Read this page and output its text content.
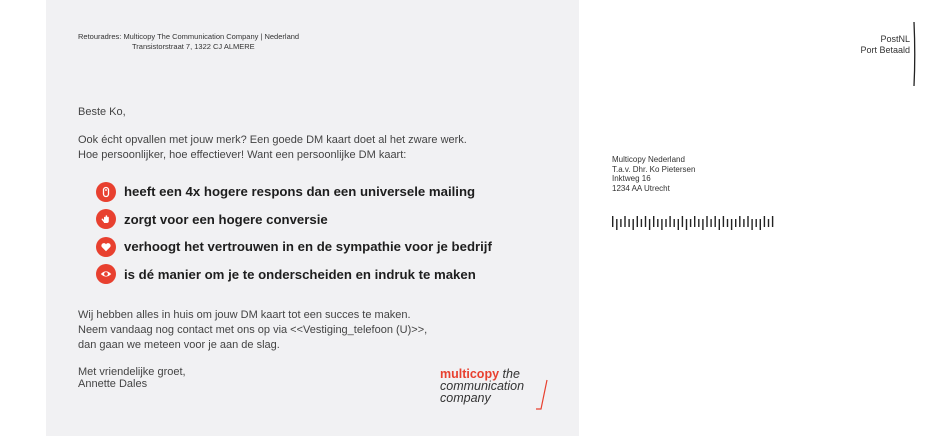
Retouradres: Multicopy The Communication Company | Nederland
Transistorstraat 7, 1322 CJ ALMERE
Beste Ko,
Ook écht opvallen met jouw merk? Een goede DM kaart doet al het zware werk.
Hoe persoonlijker, hoe effectiever! Want een persoonlijke DM kaart:
heeft een 4x hogere respons dan een universele mailing
zorgt voor een hogere conversie
verhoogt het vertrouwen in en de sympathie voor je bedrijf
is dé manier om je te onderscheiden en indruk te maken
Wij hebben alles in huis om jouw DM kaart tot een succes te maken.
Neem vandaag nog contact met ons op via <<Vestiging_telefoon (U)>>,
dan gaan we meteen voor je aan de slag.
Met vriendelijke groet,
Annette Dales
multicopy the
communication
company
PostNL
Port Betaald
Multicopy Nederland
T.a.v. Dhr. Ko Pietersen
Inktweg 16
1234 AA Utrecht
